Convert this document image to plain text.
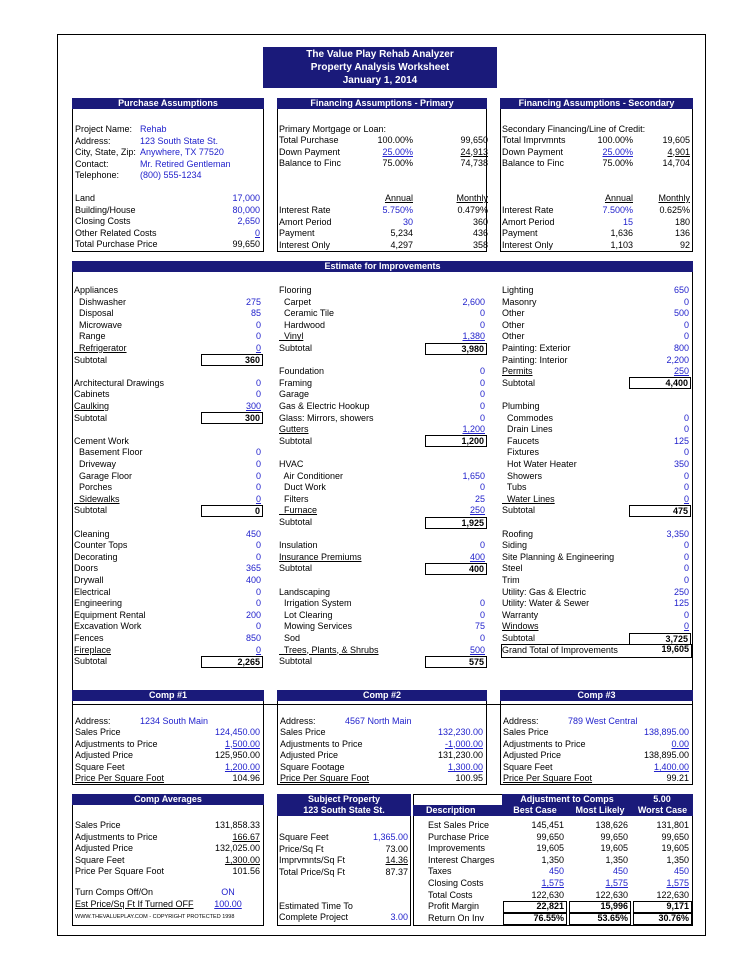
The Value Play Rehab Analyzer
Property Analysis Worksheet
January 1, 2014
Purchase Assumptions	Financing Assumptions - Primary	Financing Assumptions - Secondary
Project Name: Rehab
Address:	123 South State St.
City, State, Zip: Anywhere, TX 77520
Contact:	Mr. Retired Gentleman
Telephone: (800) 555-1234
Land	17,000
Building/House	80,000
Closing Costs	2,650
Other Related Costs	0
Total Purchase Price	99,650
Primary Mortgage or Loan:
Total Purchase	100.00%	99,650
Down Payment	25.00%	24,913
Balance to Finc	75.00%	74,738
Annual	Monthly
Interest Rate	5.750%	0.479%
Amort Period	30	360
Payment	5,234	436
Interest Only	4,297	358
Secondary Financing/Line of Credit:
Total Imprvmnts	100.00%	19,605
Down Payment	25.00%	4,901
Balance to Finc	75.00%	14,704
Annual	Monthly
Interest Rate	7.500%	0.625%
Amort Period	15	180
Payment	1,636	136
Interest Only	1,103	92
Estimate for Improvements
Appliances
Dishwasher	275
Disposal	85
Microwave	0
Range	0
Refrigerator	0
Subtotal	360
Architectural Drawings	0
Cabinets	0
Caulking	300
Subtotal	300
Cement Work
Basement Floor	0
Driveway	0
Garage Floor	0
Porches	0
Sidewalks	0
Subtotal	0
Cleaning	450
Counter Tops	0
Decorating	0
Doors	365
Drywall	400
Electrical	0
Engineering	0
Equipment Rental	200
Excavation Work	0
Fences	850
Fireplace	0
Subtotal	2,265
Flooring
Carpet	2,600
Ceramic Tile	0
Hardwood	0
Vinyl	1,380
Subtotal	3,980
Foundation	0
Framing	0
Garage	0
Gas & Electric Hookup	0
Glass: Mirrors, showers	0
Gutters	1,200
Subtotal	1,200
HVAC
Air Conditioner	1,650
Duct Work	0
Filters	25
Furnace	250
Subtotal	1,925
Insulation	0
Insurance Premiums	400
Subtotal	400
Landscaping
Irrigation System	0
Lot Clearing	0
Mowing Services	75
Sod	0
Trees, Plants, & Shrubs	500
Subtotal	575
Lighting	650
Masonry	0
Other	500
Other	0
Other	0
Painting: Exterior	800
Painting: Interior	2,200
Permits	250
Subtotal	4,400
Plumbing
Commodes	0
Drain Lines	0
Faucets	125
Fixtures	0
Hot Water Heater	350
Showers	0
Tubs	0
Water Lines	0
Subtotal	475
Roofing	3,350
Siding	0
Site Planning & Engineering	0
Steel	0
Trim	0
Utility: Gas & Electric	250
Utility: Water & Sewer	125
Warranty	0
Windows	0
Subtotal	3,725
Grand Total of Improvements	19,605
Comp #1
Address:	1234 South Main
Sales Price	124,450.00
Adjustments to Price	1,500.00
Adjusted Price	125,950.00
Square Feet	1,200.00
Price Per Square Foot	104.96
Comp #2
Address:	4567 North Main
Sales Price	132,230.00
Adjustments to Price	-1,000.00
Adjusted Price	131,230.00
Square Footage	1,300.00
Price Per Square Foot	100.95
Comp #3
Address:	789 West Central
Sales Price	138,895.00
Adjustments to Price	0.00
Adjusted Price	138,895.00
Square Feet	1,400.00
Price Per Square Foot	99.21
Comp Averages
Sales Price	131,858.33
Adjustments to Price	166.67
Adjusted Price	132,025.00
Square Feet	1,300.00
Price Per Square Foot	101.56
Turn Comps Off/On	ON
Est Price/Sq Ft If Turned OFF	100.00
WWW.THEVALUEPLAY.COM - COPYRIGHT PROTECTED 1998
Subject Property
123 South State St.
Square Feet	1,365.00
Price/Sq Ft	73.00
Imprvmnts/Sq Ft	14.36
Total Price/Sq Ft	87.37
Estimated Time To
Complete Project	3.00
Adjustment to Comps	5.00
Description	Best Case	Most Likely	Worst Case
Est Sales Price	145,451	138,626	131,801
Purchase Price	99,650	99,650	99,650
Improvements	19,605	19,605	19,605
Interest Charges	1,350	1,350	1,350
Taxes	450	450	450
Closing Costs	1,575	1,575	1,575
Total Costs	122,630	122,630	122,630
Profit Margin	22,821	15,996	9,171
Return On Inv	76.55%	53.65%	30.76%
